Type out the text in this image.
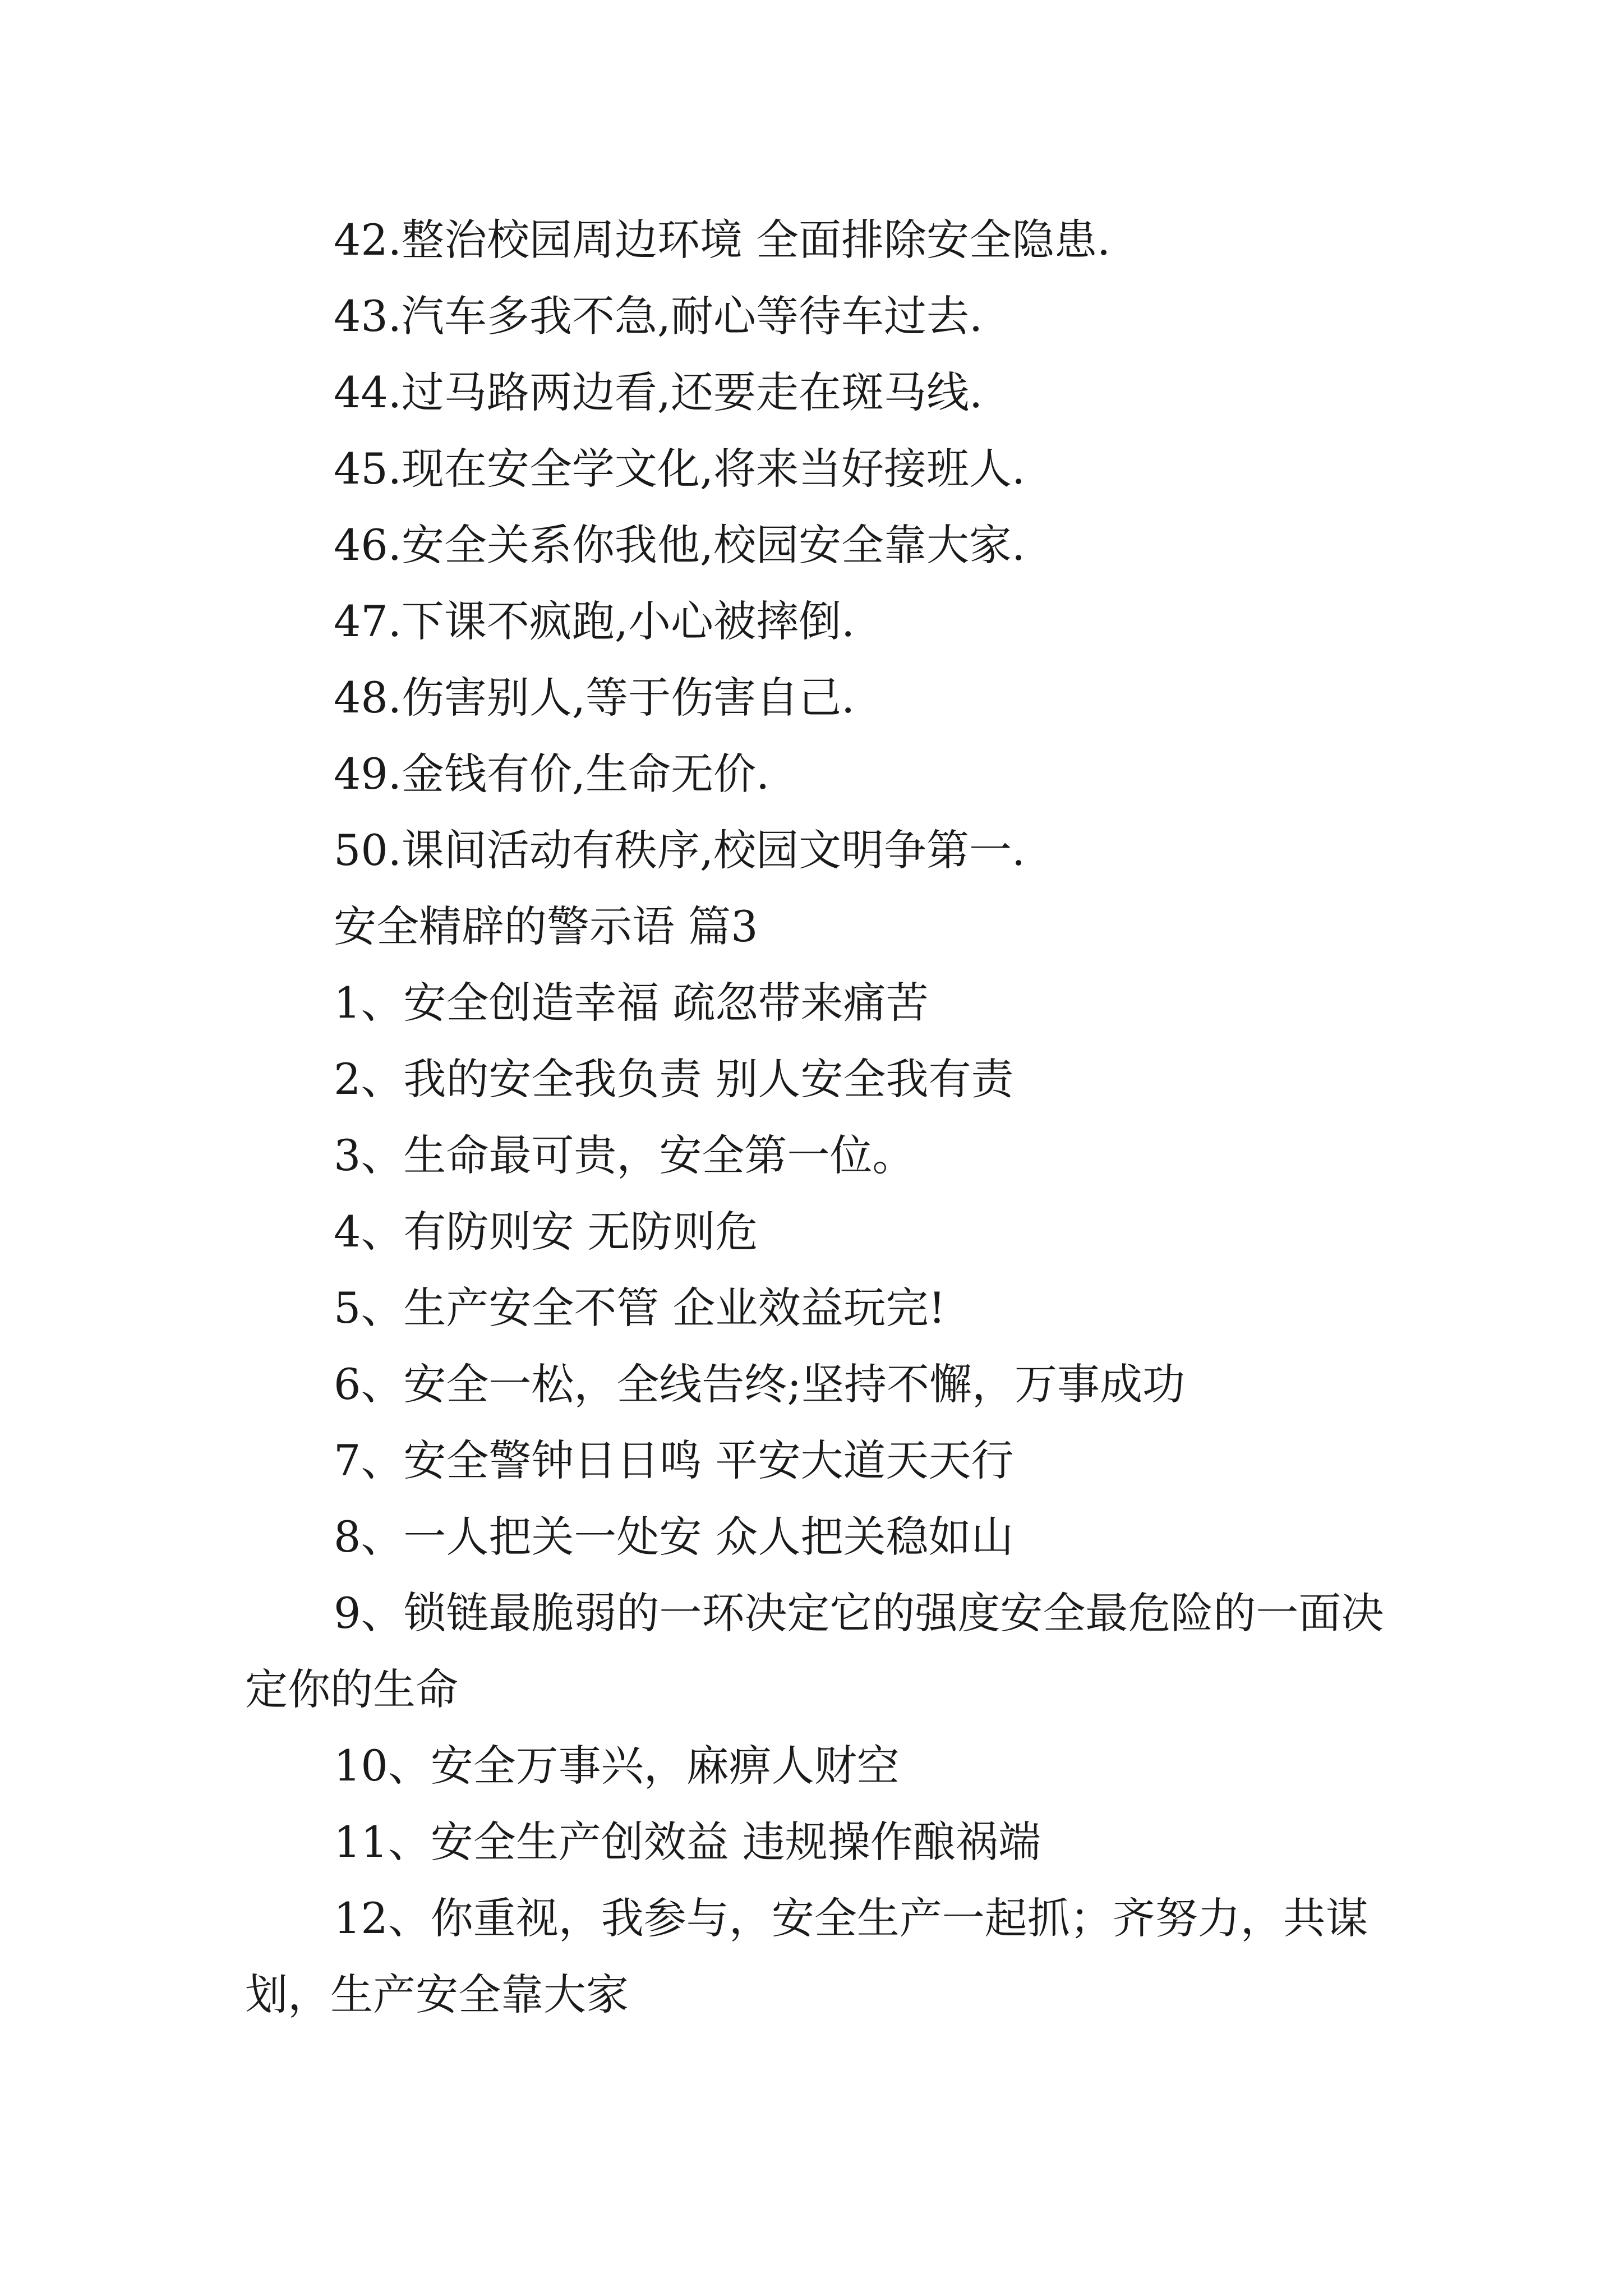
42.整治校园周边环境 全面排除安全隐患.

43.汽车多我不急,耐心等待车过去.

44.过马路两边看,还要走在斑马线.

45.现在安全学文化,将来当好接班人.

46.安全关系你我他,校园安全靠大家.

47.下课不疯跑,小心被摔倒.

48.伤害别人,等于伤害自己.

49.金钱有价,生命无价.

50.课间活动有秩序,校园文明争第一.

安全精辟的警示语 篇3

1、安全创造幸福 疏忽带来痛苦

2、我的安全我负责 别人安全我有责

3、生命最可贵，安全第一位。

4、有防则安 无防则危

5、生产安全不管 企业效益玩完!

6、安全一松，全线告终;坚持不懈，万事成功

7、安全警钟日日鸣 平安大道天天行

8、一人把关一处安 众人把关稳如山

9、锁链最脆弱的一环决定它的强度安全最危险的一面决定你的生命

10、安全万事兴，麻痹人财空

11、安全生产创效益 违规操作酿祸端

12、你重视，我参与，安全生产一起抓；齐努力，共谋划，生产安全靠大家
